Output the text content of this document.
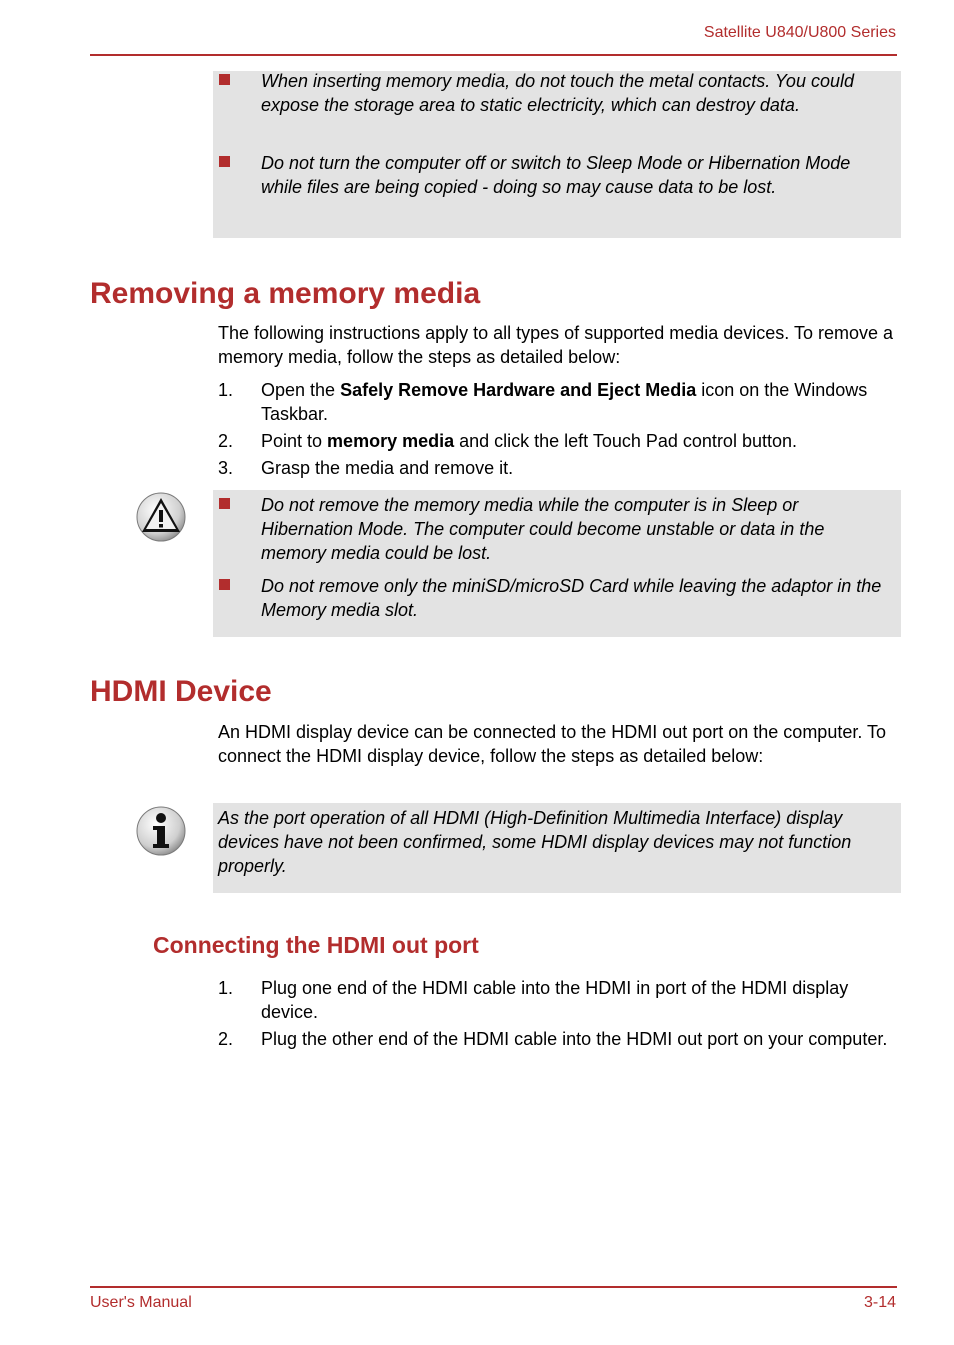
Satellite U840/U800 Series
When inserting memory media, do not touch the metal contacts. You could expose the storage area to static electricity, which can destroy data.
Do not turn the computer off or switch to Sleep Mode or Hibernation Mode while files are being copied - doing so may cause data to be lost.
Removing a memory media
The following instructions apply to all types of supported media devices. To remove a memory media, follow the steps as detailed below:
1. Open the Safely Remove Hardware and Eject Media icon on the Windows Taskbar.
2. Point to memory media and click the left Touch Pad control button.
3. Grasp the media and remove it.
Do not remove the memory media while the computer is in Sleep or Hibernation Mode. The computer could become unstable or data in the memory media could be lost.
Do not remove only the miniSD/microSD Card while leaving the adaptor in the Memory media slot.
HDMI Device
An HDMI display device can be connected to the HDMI out port on the computer. To connect the HDMI display device, follow the steps as detailed below:
As the port operation of all HDMI (High-Definition Multimedia Interface) display devices have not been confirmed, some HDMI display devices may not function properly.
Connecting the HDMI out port
1. Plug one end of the HDMI cable into the HDMI in port of the HDMI display device.
2. Plug the other end of the HDMI cable into the HDMI out port on your computer.
User's Manual	3-14
